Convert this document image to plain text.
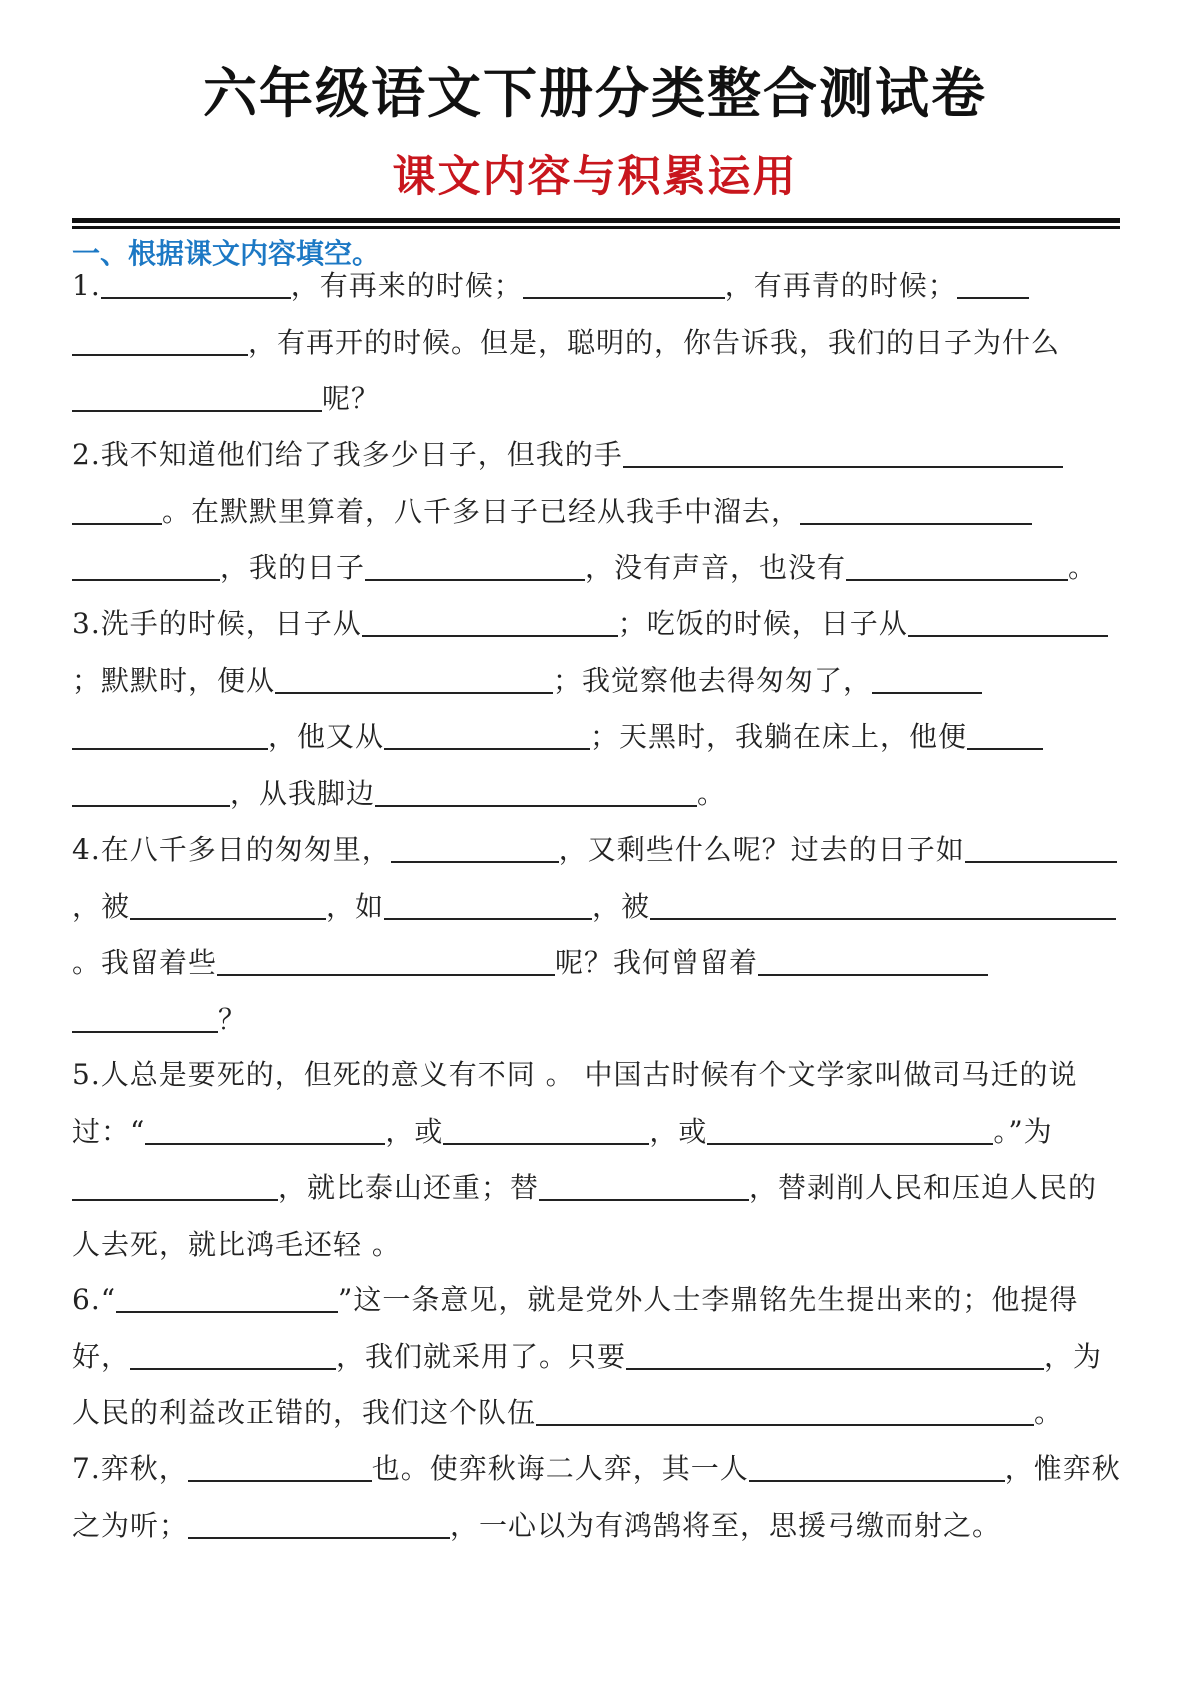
六年级语文下册分类整合测试卷
课文内容与积累运用
一、根据课文内容填空。

1.	，有再来的时候；	，有再青的时候；，有再开的时候。但是，聪明的，你告诉我，我们的日子为什么呢？

2.我不知道他们给了我多少日子，但我的手。在默默里算着，八千多日子已经从我手中溜去，，我的日子	，没有声音，也没有	。

3.洗手的时候，日子从	；吃饭的时候，日子从；默默时，便从	；我觉察他去得匆匆了，，他又从	；天黑时，我躺在床上，他便，从我脚边	。

4.在八千多日的匆匆里，	，又剩些什么呢？过去的日子如，被	，如	，被。我留着些	呢？我何曾留着？

5.人总是要死的，但死的意义有不同 。 中国古时候有个文学家叫做司马迁的说过：“	，或	，或	。”为，就比泰山还重；替	，替剥削人民和压迫人民的人去死，就比鸿毛还轻 。

6.“	”这一条意见，就是党外人士李鼎铭先生提出来的；他提得好，	，我们就采用了。只要	，为人民的利益改正错的，我们这个队伍	。

7.弈秋，	也。使弈秋诲二人弈，其一人	，惟弈秋之为听；	，一心以为有鸿鹄将至，思援弓缴而射之。
